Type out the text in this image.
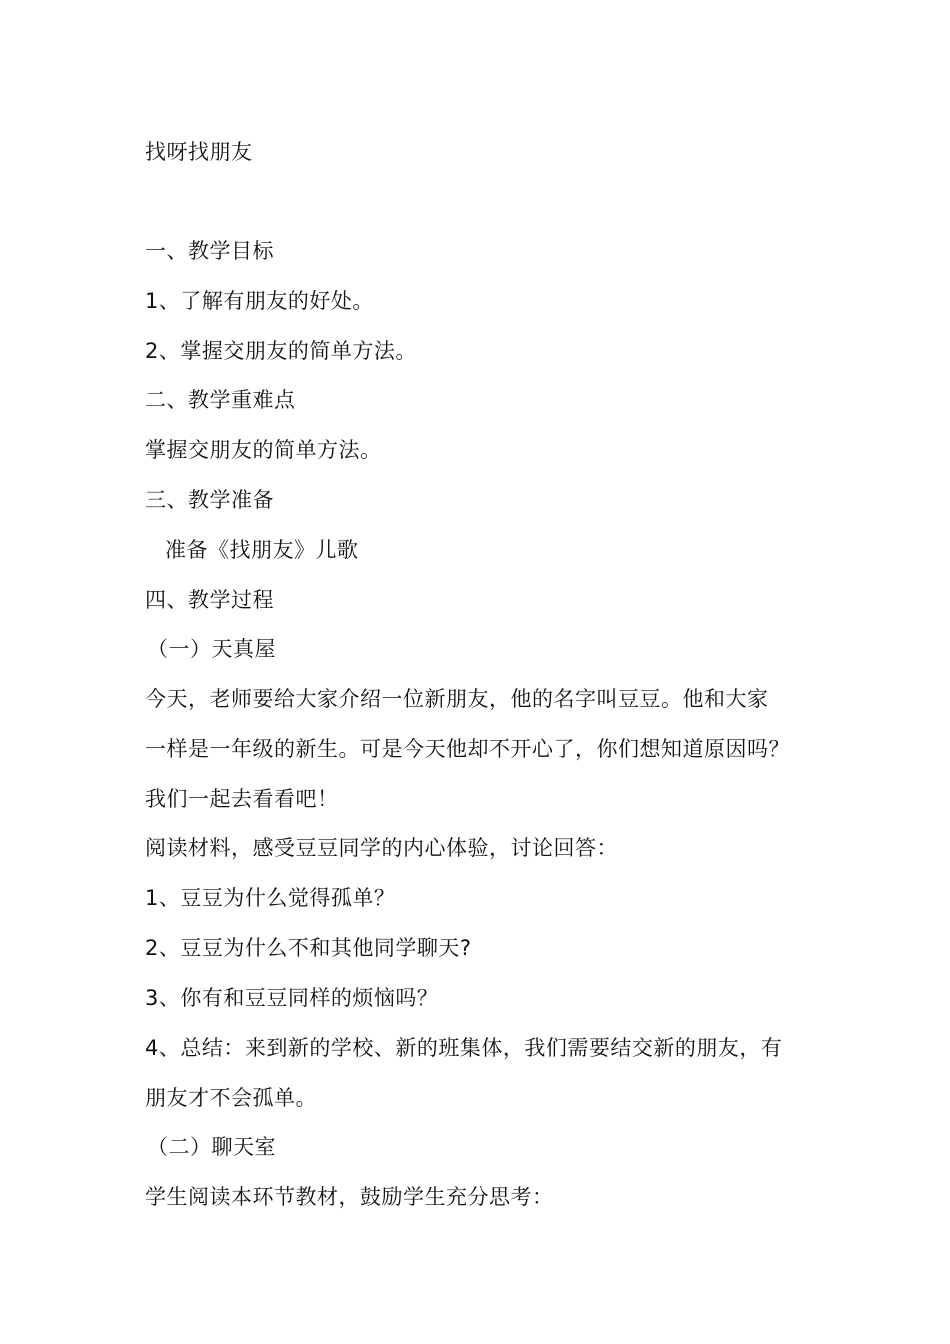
找呀找朋友
一、教学目标
1、了解有朋友的好处。
2、掌握交朋友的简单方法。
二、教学重难点
掌握交朋友的简单方法。
三、教学准备
准备《找朋友》儿歌
四、教学过程
（一）天真屋
今天，老师要给大家介绍一位新朋友，他的名字叫豆豆。他和大家
一样是一年级的新生。可是今天他却不开心了，你们想知道原因吗？
我们一起去看看吧！
阅读材料，感受豆豆同学的内心体验，讨论回答：
1、豆豆为什么觉得孤单？
2、豆豆为什么不和其他同学聊天?
3、你有和豆豆同样的烦恼吗？
4、总结：来到新的学校、新的班集体，我们需要结交新的朋友，有
朋友才不会孤单。
（二）聊天室
学生阅读本环节教材，鼓励学生充分思考：
